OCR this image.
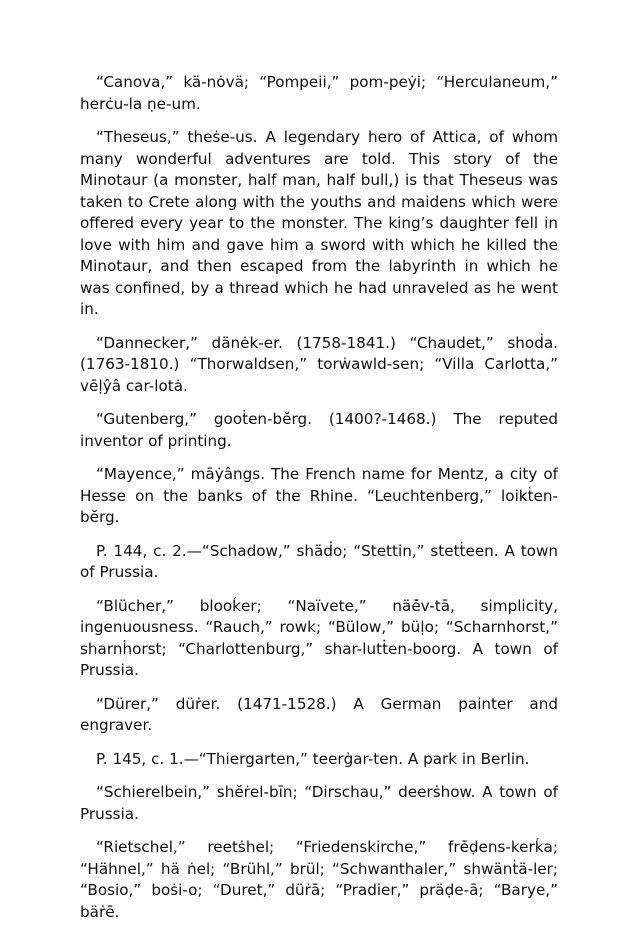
“Canova,” kä-nȯvä; “Pompeii,” pom-peẏi; “Herculaneum,” herċu-la ṇe-um.

“Theseus,” theṡe-us. A legendary hero of Attica, of whom many wonderful adventures are told. This story of the Minotaur (a monster, half man, half bull,) is that Theseus was taken to Crete along with the youths and maidens which were offered every year to the monster. The king’s daughter fell in love with him and gave him a sword with which he killed the Minotaur, and then escaped from the labyrinth in which he was confined, by a thread which he had unraveled as he went in.

“Dannecker,” dänėk-er. (1758-1841.) “Chaudet,” shoḋa. (1763-1810.) “Thorwaldsen,” torẇawld-sen; “Villa Carlotta,” vēḷŷâ car-lotȧ.

“Gutenberg,” gooṫen-bĕrg. (1400?-1468.) The reputed inventor of printing.

“Mayence,” māẏângs. The French name for Mentz, a city of Hesse on the banks of the Rhine. “Leuchtenberg,” loikṫen-bĕrg.

P. 144, c. 2.—“Schadow,” shäḋo; “Stettin,” stetṫeen. A town of Prussia.

“Blücher,” blooḱer; “Naïvete,” näē̇v-tā, simplicity, ingenuousness. “Rauch,” rowk; “Bülow,” büḷo; “Scharnhorst,” sharnḣorst; “Charlottenburg,” shar-lutṫen-boorg. A town of Prussia.

“Dürer,” düṙer. (1471-1528.) A German painter and engraver.

P. 145, c. 1.—“Thiergarten,” teerġar-ten. A park in Berlin.

“Schierelbein,” shĕṙel-bīn; “Dirschau,” deerṡhow. A town of Prussia.

“Rietschel,” reetṡhel; “Friedenskirche,” frēḍens-kerḱa; “Hähnel,” hä ṅel; “Brühl,” brül; “Schwanthaler,” shwänṫä-ler; “Bosio,” boṡi-o; “Duret,” düṙā; “Pradier,” präḍe-ā; “Barye,” bäṙē.
